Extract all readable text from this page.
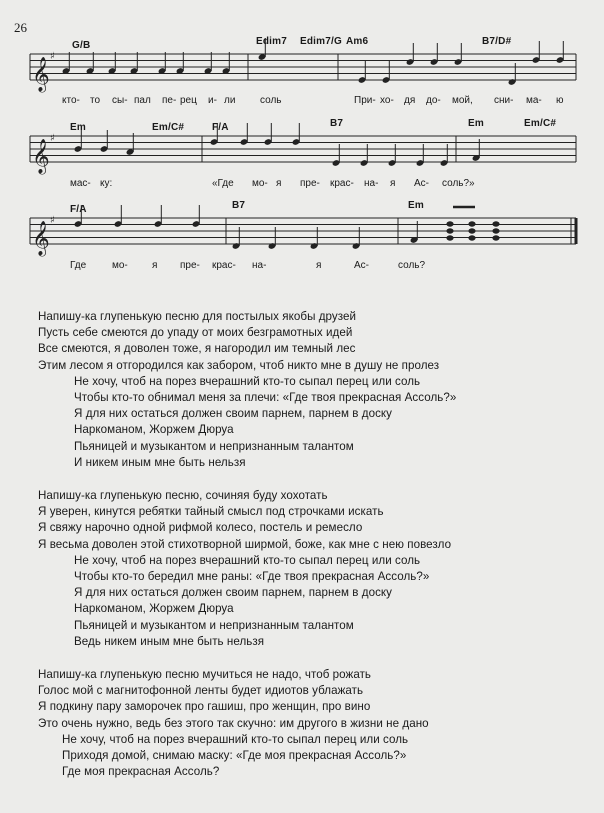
26
𝄞
♯
𝄞
♯
𝄞
♯
G/B	Edim7 Edim7/G Am6	B7/D#
кто- то сы- пал пе- рец и- ли соль	При- хо- дя до- мой, сни- ма- ю
Em	Em/C#	F/A	B7	Em	Em/C#
мас- ку:	«Где мо- я пре- крас- на- я Ас- соль?»
F/A	B7	Em
Где	мо- я пре- крас- на-	я	Ас-	соль?
Напишу-ка глупенькую песню для постылых якобы друзей
Пусть себе смеются до упаду от моих безграмотных идей
Все смеются, я доволен тоже, я нагородил им темный лес
Этим лесом я отгородился как забором, чтоб никто мне в душу не пролез
Не хочу, чтоб на порез вчерашний кто-то сыпал перец или соль
Чтобы кто-то обнимал меня за плечи: «Где твоя прекрасная Ассоль?»
Я для них остаться должен своим парнем, парнем в доску
Наркоманом, Жоржем Дюруа
Пьяницей и музыкантом и непризнанным талантом
И никем иным мне быть нельзя
Напишу-ка глупенькую песню, сочиняя буду хохотать
Я уверен, кинутся ребятки тайный смысл под строчками искать
Я свяжу нарочно одной рифмой колесо, постель и ремесло
Я весьма доволен этой стихотворной ширмой, боже, как мне с нею повезло
Не хочу, чтоб на порез вчерашний кто-то сыпал перец или соль
Чтобы кто-то бередил мне раны: «Где твоя прекрасная Ассоль?»
Я для них остаться должен своим парнем, парнем в доску
Наркоманом, Жоржем Дюруа
Пьяницей и музыкантом и непризнанным талантом
Ведь никем иным мне быть нельзя
Напишу-ка глупенькую песню мучиться не надо, чтоб рожать
Голос мой с магнитофонной ленты будет идиотов ублажать
Я подкину пару заморочек про гашиш, про женщин, про вино
Это очень нужно, ведь без этого так скучно: им другого в жизни не дано
Не хочу, чтоб на порез вчерашний кто-то сыпал перец или соль
Приходя домой, снимаю маску: «Где моя прекрасная Ассоль?»
Где моя прекрасная Ассоль?
